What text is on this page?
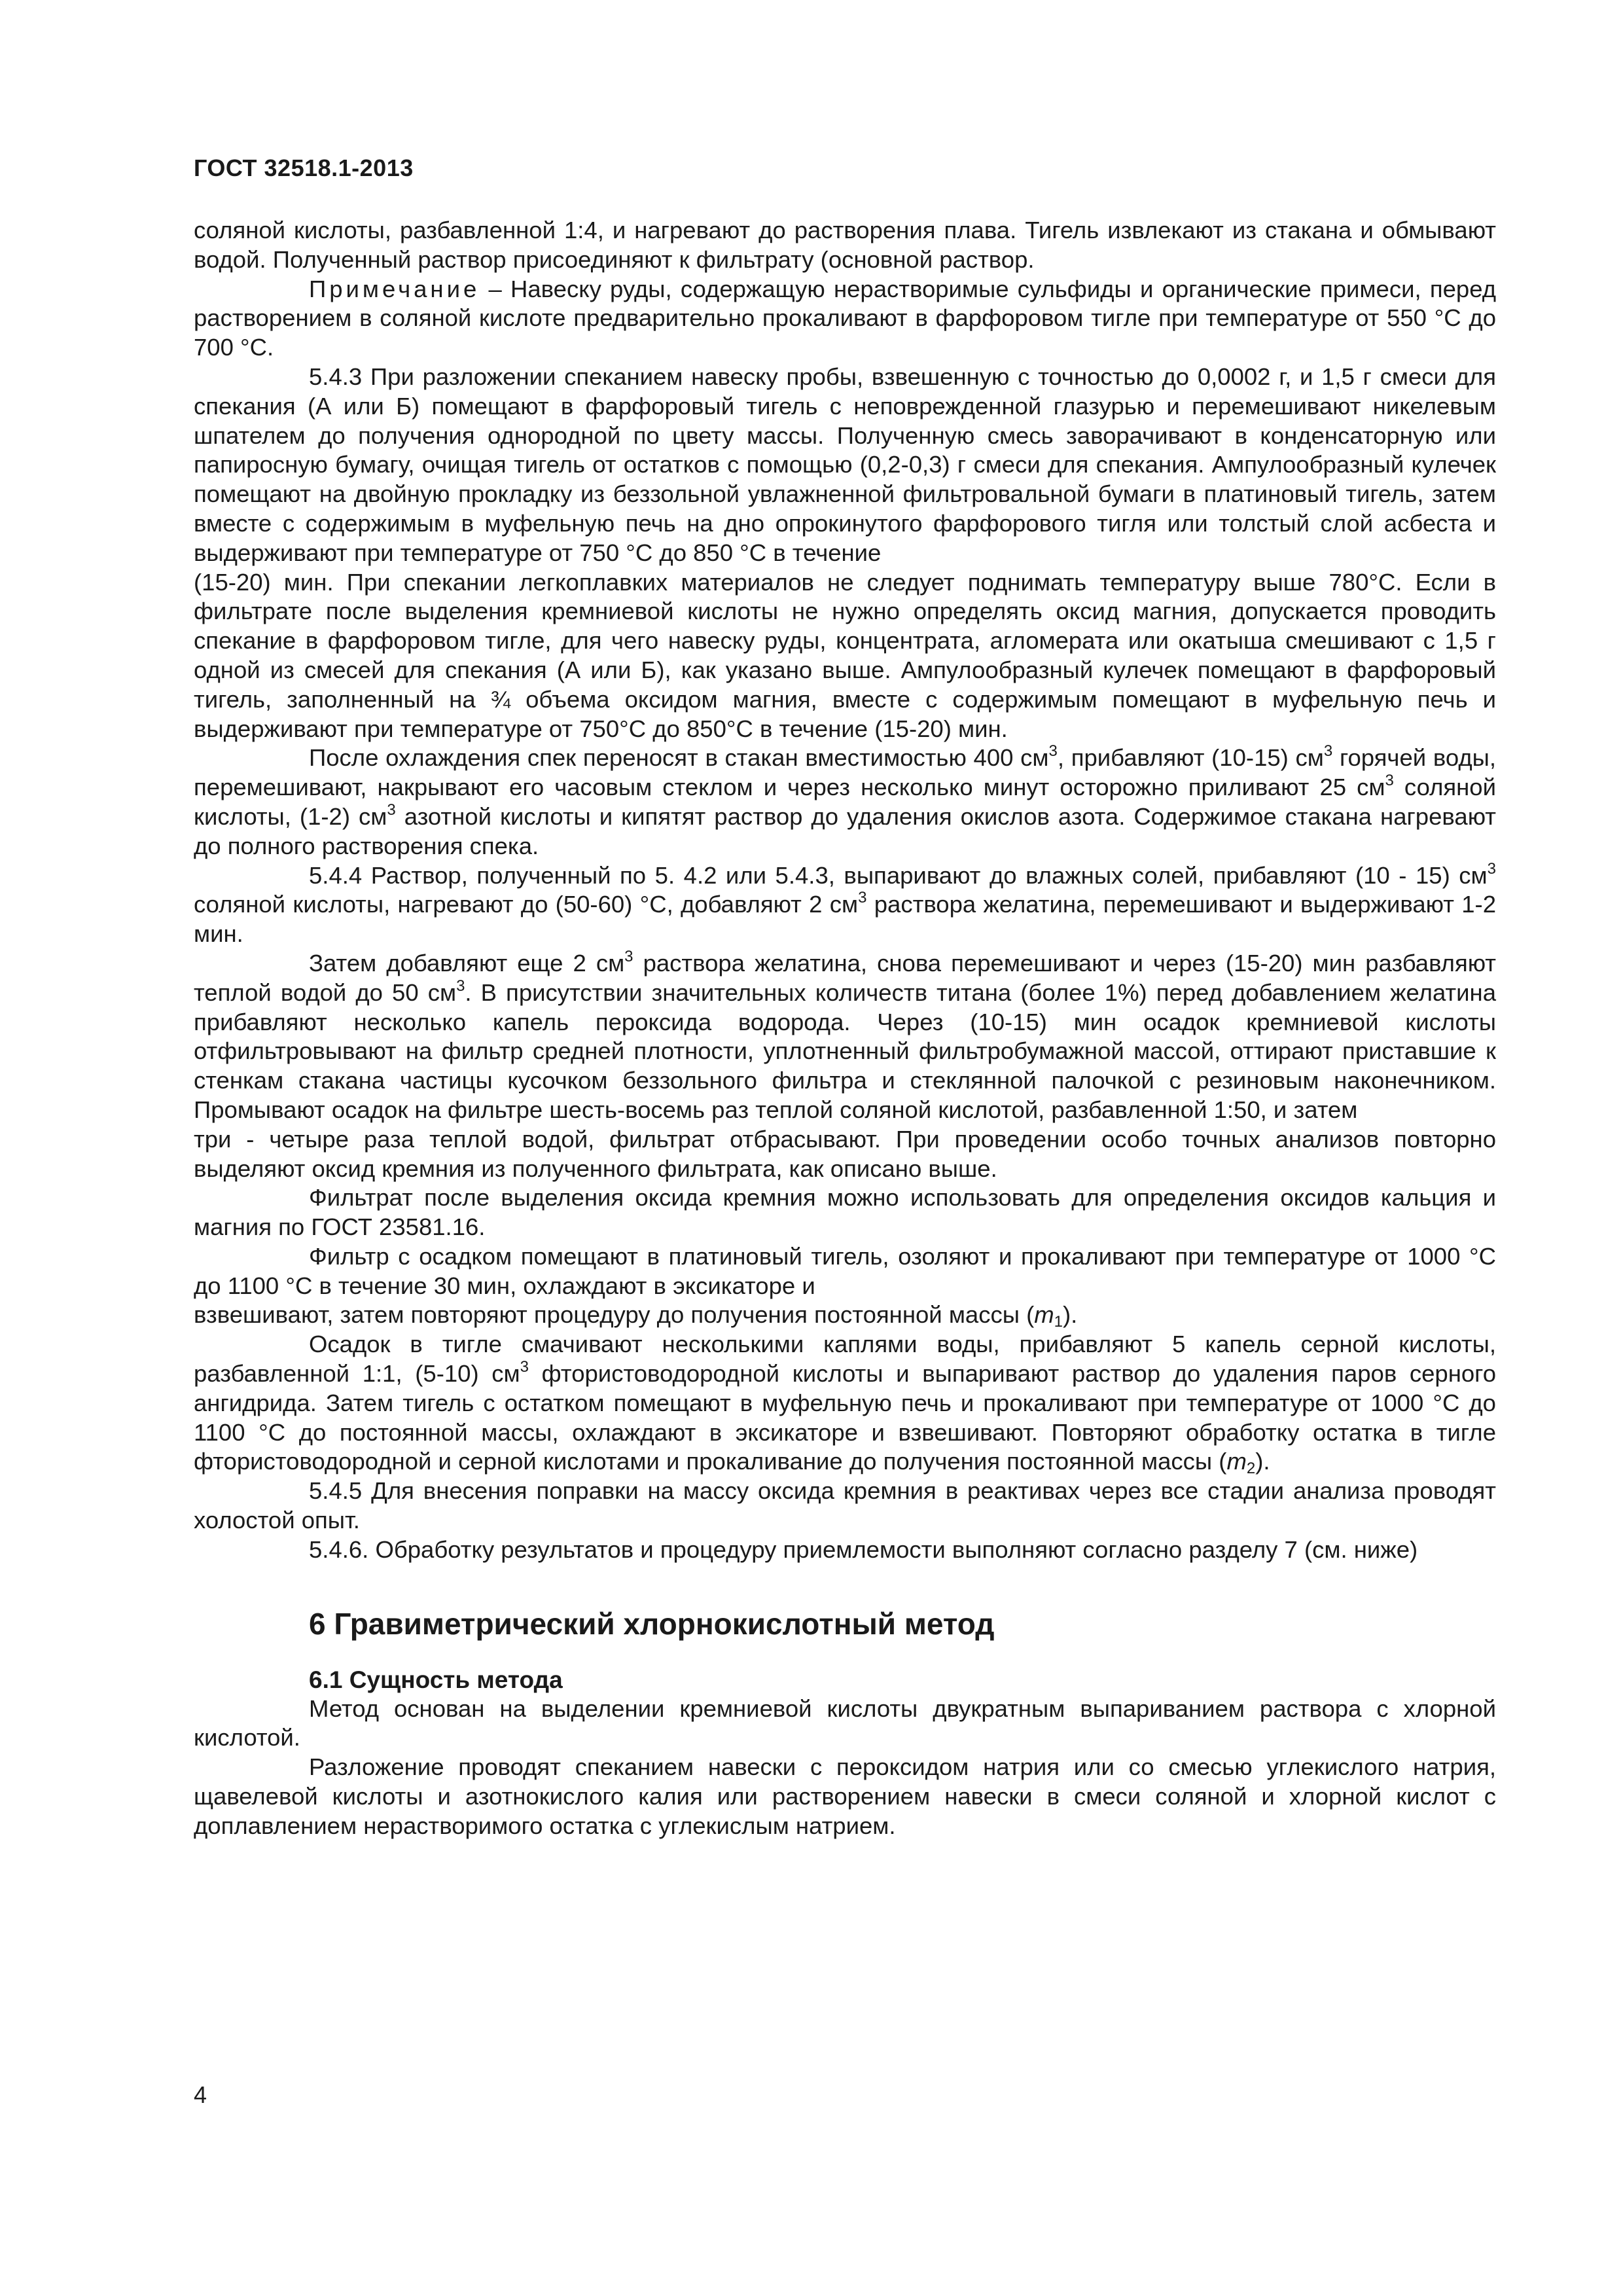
ГОСТ 32518.1-2013

соляной кислоты, разбавленной 1:4, и нагревают до растворения плава. Тигель извлекают из стакана и обмывают водой. Полученный раствор присоединяют к фильтрату (основной раствор.

Примечание – Навеску руды, содержащую нерастворимые сульфиды и органические примеси, перед растворением в соляной кислоте предварительно прокаливают в фарфоровом тигле при температуре от 550 °С до 700 °С.

5.4.3 При разложении спеканием навеску пробы, взвешенную с точностью до 0,0002 г, и 1,5 г смеси для спекания (А или Б) помещают в фарфоровый тигель с неповрежденной глазурью и перемешивают никелевым шпателем до получения однородной по цвету массы. Полученную смесь заворачивают в конденсаторную или папиросную бумагу, очищая тигель от остатков с помощью (0,2-0,3) г смеси для спекания. Ампулообразный кулечек помещают на двойную прокладку из беззольной увлажненной фильтровальной бумаги в платиновый тигель, затем вместе с содержимым в муфельную печь на дно опрокинутого фарфорового тигля или толстый слой асбеста и выдерживают при температуре от 750 °С до 850 °С в течение

(15-20) мин. При спекании легкоплавких материалов не следует поднимать температуру выше 780°С. Если в фильтрате после выделения кремниевой кислоты не нужно определять оксид магния, допускается проводить спекание в фарфоровом тигле, для чего навеску руды, концентрата, агломерата или окатыша смешивают с 1,5 г одной из смесей для спекания (А или Б), как указано выше. Ампулообразный кулечек помещают в фарфоровый тигель, заполненный на ¾ объема оксидом магния, вместе с содержимым помещают в муфельную печь и выдерживают при температуре от 750°С до 850°С в течение (15-20) мин.

После охлаждения спек переносят в стакан вместимостью 400 $см^3$, прибавляют (10-15) $см^3$ горячей воды, перемешивают, накрывают его часовым стеклом и через несколько минут осторожно приливают 25 $см^3$ соляной кислоты, (1-2) $см^3$ азотной кислоты и кипятят раствор до удаления окислов азота. Содержимое стакана нагревают до полного растворения спека.

5.4.4 Раствор, полученный по 5. 4.2 или 5.4.3, выпаривают до влажных солей, прибавляют (10 - 15) $см^3$ соляной кислоты, нагревают до (50-60) °С, добавляют 2 $см^3$ раствора желатина, перемешивают и выдерживают 1-2 мин.

Затем добавляют еще 2 $см^3$ раствора желатина, снова перемешивают и через (15-20) мин разбавляют теплой водой до 50 $см^3$. В присутствии значительных количеств титана (более 1%) перед добавлением желатина прибавляют несколько капель пероксида водорода. Через (10-15) мин осадок кремниевой кислоты отфильтровывают на фильтр средней плотности, уплотненный фильтробумажной массой, оттирают приставшие к стенкам стакана частицы кусочком беззольного фильтра и стеклянной палочкой с резиновым наконечником. Промывают осадок на фильтре шесть-восемь раз теплой соляной кислотой, разбавленной 1:50, и затем

три - четыре раза теплой водой, фильтрат отбрасывают. При проведении особо точных анализов повторно выделяют оксид кремния из полученного фильтрата, как описано выше.

Фильтрат после выделения оксида кремния можно использовать для определения оксидов кальция и магния по ГОСТ 23581.16.

Фильтр с осадком помещают в платиновый тигель, озоляют и прокаливают при температуре от 1000 °С до 1100 °С в течение 30 мин, охлаждают в эксикаторе и

взвешивают, затем повторяют процедуру до получения постоянной массы $(m_1)$.

Осадок в тигле смачивают несколькими каплями воды, прибавляют 5 капель серной кислоты, разбавленной 1:1, (5-10) $см^3$ фтористоводородной кислоты и выпаривают раствор до удаления паров серного ангидрида. Затем тигель с остатком помещают в муфельную печь и прокаливают при температуре от 1000 °С до 1100 °С до постоянной массы, охлаждают в эксикаторе и взвешивают. Повторяют обработку остатка в тигле фтористоводородной и серной кислотами и прокаливание до получения постоянной массы $(m_2)$.

5.4.5 Для внесения поправки на массу оксида кремния в реактивах через все стадии анализа проводят холостой опыт.

5.4.6. Обработку результатов и процедуру приемлемости выполняют согласно разделу 7 (см. ниже)

6 Гравиметрический хлорнокислотный метод
6.1 Сущность метода

Метод основан на выделении кремниевой кислоты двукратным выпариванием раствора с хлорной кислотой.

Разложение проводят спеканием навески с пероксидом натрия или со смесью углекислого натрия, щавелевой кислоты и азотнокислого калия или растворением навески в смеси соляной и хлорной кислот с доплавлением нерастворимого остатка с углекислым натрием.

4
